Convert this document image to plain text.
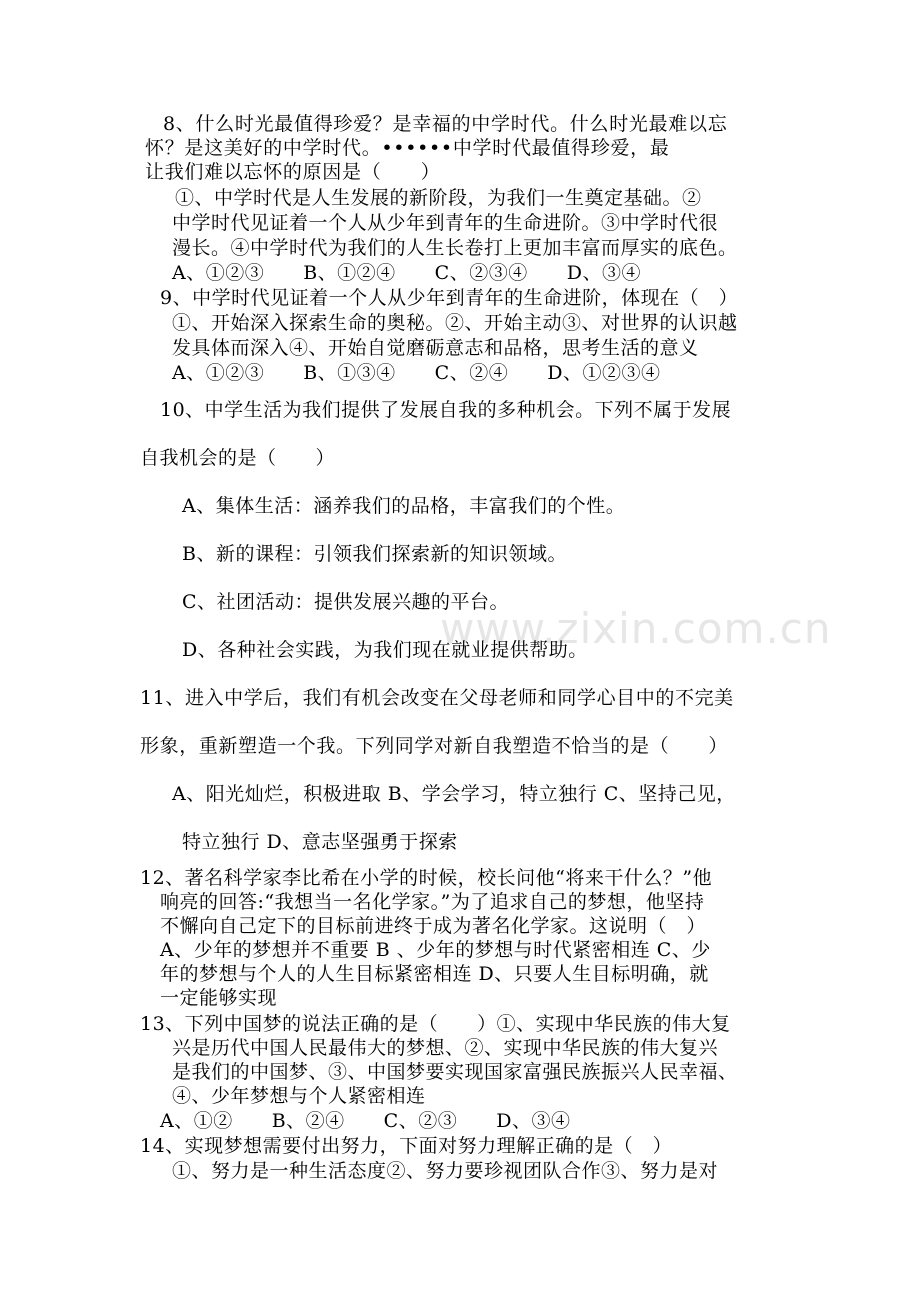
www.zixin.com.cn
8、什么时光最值得珍爱？是幸福的中学时代。什么时光最难以忘
怀？是这美好的中学时代。••••••中学时代最值得珍爱，最
让我们难以忘怀的原因是（　　）
①、中学时代是人生发展的新阶段，为我们一生奠定基础。②
中学时代见证着一个人从少年到青年的生命进阶。③中学时代很
漫长。④中学时代为我们的人生长卷打上更加丰富而厚实的底色。
A、①②③　　B、①②④　　C、②③④　　D、③④
9、中学时代见证着一个人从少年到青年的生命进阶，体现在（　）
①、开始深入探索生命的奥秘。②、开始主动③、对世界的认识越
发具体而深入④、开始自觉磨砺意志和品格，思考生活的意义
A、①②③　　B、①③④　　C、②④　　D、①②③④
10、中学生活为我们提供了发展自我的多种机会。下列不属于发展
自我机会的是（　　）
A、集体生活：涵养我们的品格，丰富我们的个性。
B、新的课程：引领我们探索新的知识领域。
C、社团活动：提供发展兴趣的平台。
D、各种社会实践，为我们现在就业提供帮助。
11、进入中学后，我们有机会改变在父母老师和同学心目中的不完美
形象，重新塑造一个我。下列同学对新自我塑造不恰当的是（　　）
A、阳光灿烂，积极进取 B、学会学习，特立独行 C、坚持己见，
特立独行 D、意志坚强勇于探索
12、著名科学家李比希在小学的时候，校长问他“将来干什么？”他
响亮的回答:“我想当一名化学家。”为了追求自己的梦想，他坚持
不懈向自己定下的目标前进终于成为著名化学家。这说明（　）
A、少年的梦想并不重要 B 、少年的梦想与时代紧密相连 C、少
年的梦想与个人的人生目标紧密相连 D、只要人生目标明确，就
一定能够实现
13、下列中国梦的说法正确的是（　　）①、实现中华民族的伟大复
兴是历代中国人民最伟大的梦想、②、实现中华民族的伟大复兴
是我们的中国梦、③、中国梦要实现国家富强民族振兴人民幸福、
④、少年梦想与个人紧密相连
A、①②　　B、②④　　C、②③　　D、③④
14、实现梦想需要付出努力，下面对努力理解正确的是（　）
①、努力是一种生活态度②、努力要珍视团队合作③、努力是对
